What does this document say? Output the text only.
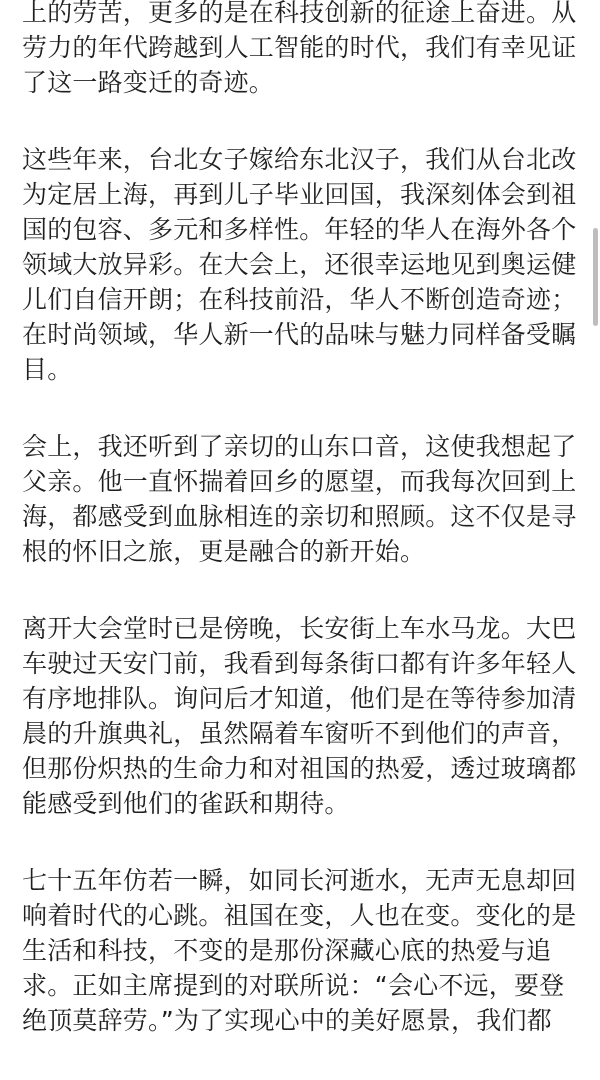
上的劳苦，更多的是在科技创新的征途上奋进。从
劳力的年代跨越到人工智能的时代，我们有幸见证
了这一路变迁的奇迹。
这些年来，台北女子嫁给东北汉子，我们从台北改
为定居上海，再到儿子毕业回国，我深刻体会到祖
国的包容、多元和多样性。年轻的华人在海外各个
领域大放异彩。在大会上，还很幸运地见到奥运健
儿们自信开朗；在科技前沿，华人不断创造奇迹；
在时尚领域，华人新一代的品味与魅力同样备受瞩
目。
会上，我还听到了亲切的山东口音，这使我想起了
父亲。他一直怀揣着回乡的愿望，而我每次回到上
海，都感受到血脉相连的亲切和照顾。这不仅是寻
根的怀旧之旅，更是融合的新开始。
离开大会堂时已是傍晚，长安街上车水马龙。大巴
车驶过天安门前，我看到每条街口都有许多年轻人
有序地排队。询问后才知道，他们是在等待参加清
晨的升旗典礼，虽然隔着车窗听不到他们的声音，
但那份炽热的生命力和对祖国的热爱，透过玻璃都
能感受到他们的雀跃和期待。
七十五年仿若一瞬，如同长河逝水，无声无息却回
响着时代的心跳。祖国在变，人也在变。变化的是
生活和科技，不变的是那份深藏心底的热爱与追
求。正如主席提到的对联所说：“会心不远，要登
绝顶莫辞劳。”为了实现心中的美好愿景，我们都
